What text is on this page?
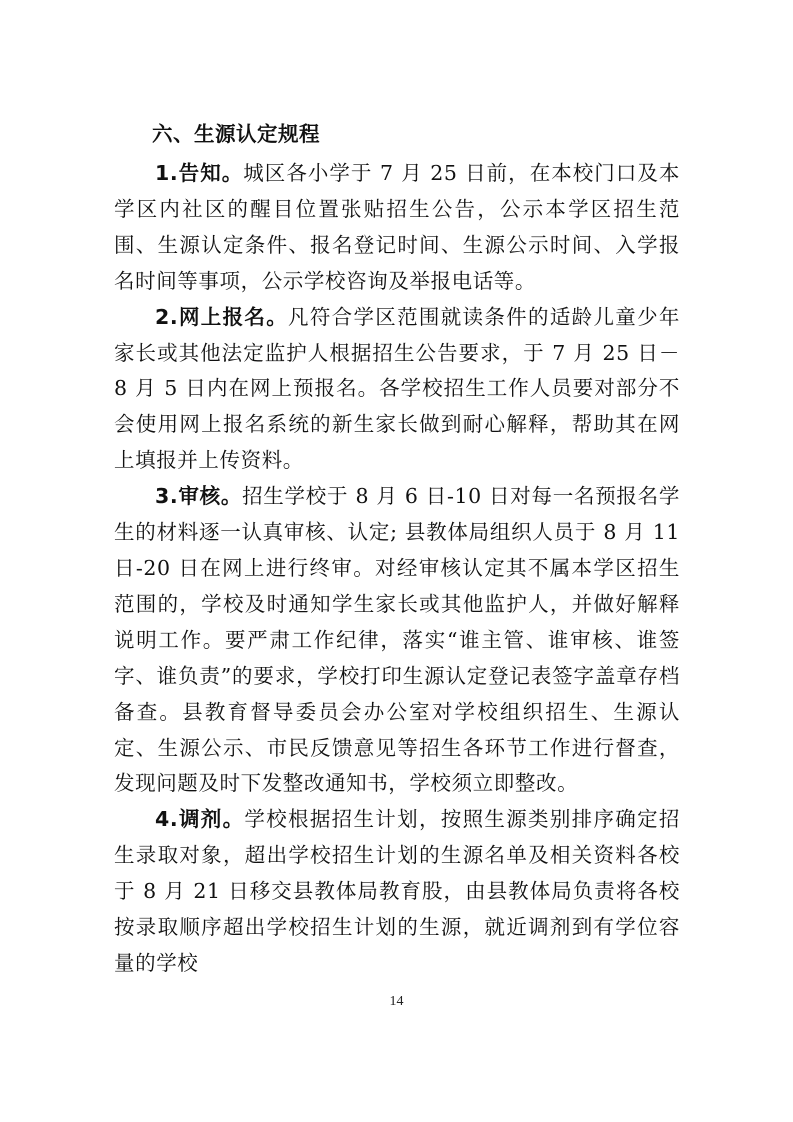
六、生源认定规程

1.告知。城区各小学于 7 月 25 日前，在本校门口及本学区内社区的醒目位置张贴招生公告，公示本学区招生范围、生源认定条件、报名登记时间、生源公示时间、入学报名时间等事项，公示学校咨询及举报电话等。

2.网上报名。凡符合学区范围就读条件的适龄儿童少年家长或其他法定监护人根据招生公告要求，于 7 月 25 日－8 月 5 日内在网上预报名。各学校招生工作人员要对部分不会使用网上报名系统的新生家长做到耐心解释，帮助其在网上填报并上传资料。

3.审核。招生学校于 8 月 6 日-10 日对每一名预报名学生的材料逐一认真审核、认定; 县教体局组织人员于 8 月 11 日-20 日在网上进行终审。对经审核认定其不属本学区招生范围的，学校及时通知学生家长或其他监护人，并做好解释说明工作。要严肃工作纪律，落实“谁主管、谁审核、谁签字、谁负责”的要求，学校打印生源认定登记表签字盖章存档备查。县教育督导委员会办公室对学校组织招生、生源认定、生源公示、市民反馈意见等招生各环节工作进行督查，发现问题及时下发整改通知书，学校须立即整改。

4.调剂。学校根据招生计划，按照生源类别排序确定招生录取对象，超出学校招生计划的生源名单及相关资料各校于 8 月 21 日移交县教体局教育股，由县教体局负责将各校按录取顺序超出学校招生计划的生源，就近调剂到有学位容量的学校

14
